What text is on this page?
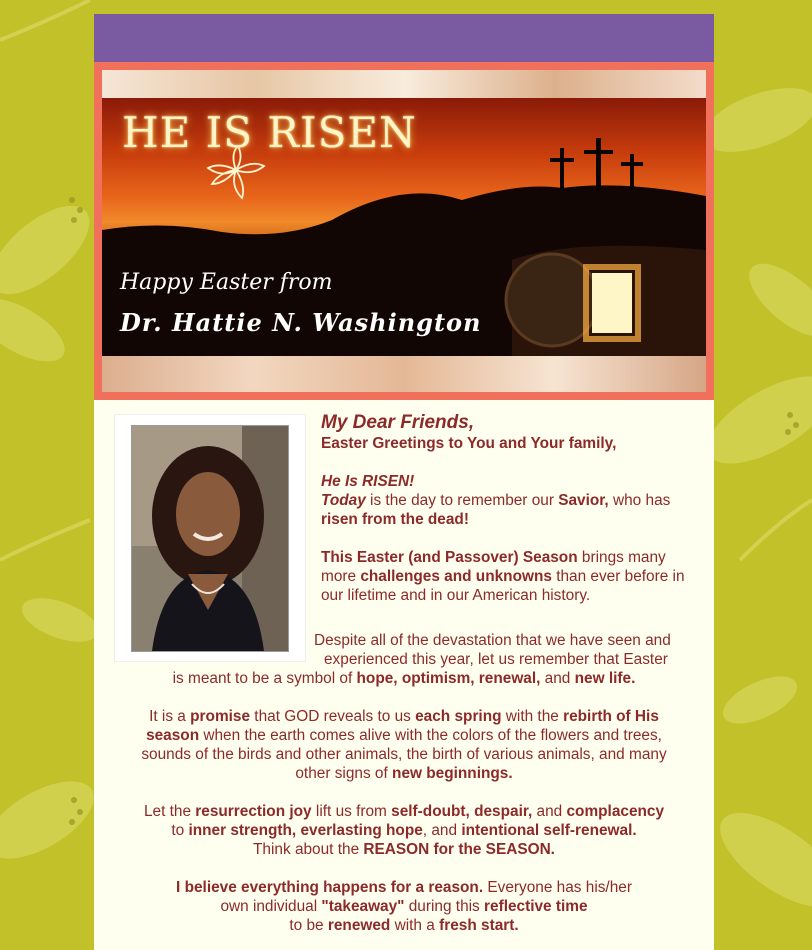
HE IS RISEN

Happy Easter from

Dr. Hattie N. Washington

My Dear Friends,

Easter Greetings to You and Your family,

He Is RISEN!

Today is the day to remember our Savior, who has risen from the dead!

This Easter (and Passover) Season brings many more challenges and unknowns than ever before in our lifetime and in our American history.

Despite all of the devastation that we have seen and
experienced this year, let us remember that Easter
is meant to be a symbol of hope, optimism, renewal, and new life.

It is a promise that GOD reveals to us each spring with the rebirth of His season when the earth comes alive with the colors of the flowers and trees, sounds of the birds and other animals, the birth of various animals, and many other signs of new beginnings.

Let the resurrection joy lift us from self-doubt, despair, and complacency
to inner strength, everlasting hope, and intentional self-renewal.
Think about the REASON for the SEASON.

I believe everything happens for a reason. Everyone has his/her
own individual "takeaway" during this reflective time
to be renewed with a fresh start.
